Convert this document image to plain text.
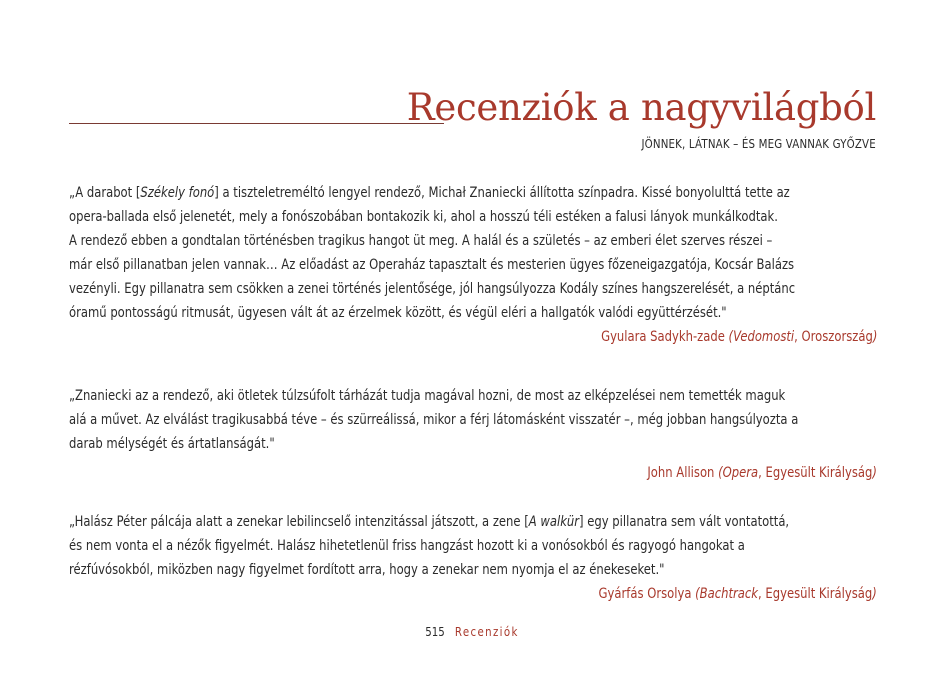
Recenziók a nagyvilágból
JÖNNEK, LÁTNAK – ÉS MEG VANNAK GYŐZVE
„A darabot [Székely fonó] a tiszteletreméltó lengyel rendező, Michał Znaniecki állította színpadra. Kissé bonyolulttá tette az
opera-ballada első jelenetét, mely a fonószobában bontakozik ki, ahol a hosszú téli estéken a falusi lányok munkálkodtak.
A rendező ebben a gondtalan történésben tragikus hangot üt meg. A halál és a születés – az emberi élet szerves részei –
már első pillanatban jelen vannak… Az előadást az Operaház tapasztalt és mesterien ügyes főzeneigazgatója, Kocsár Balázs
vezényli. Egy pillanatra sem csökken a zenei történés jelentősége, jól hangsúlyozza Kodály színes hangszerelését, a néptánc
óramű pontosságú ritmusát, ügyesen vált át az érzelmek között, és végül eléri a hallgatók valódi együttérzését."
Gyulara Sadykh-zade (Vedomosti, Oroszország)
„Znaniecki az a rendező, aki ötletek túlzsúfolt tárházát tudja magával hozni, de most az elképzelései nem temették maguk
alá a művet. Az elválást tragikusabbá téve – és szürreálissá, mikor a férj látomásként visszatér –, még jobban hangsúlyozta a
darab mélységét és ártatlanságát."
John Allison (Opera, Egyesült Királyság)
„Halász Péter pálcája alatt a zenekar lebilincselő intenzitással játszott, a zene [A walkür] egy pillanatra sem vált vontatottá,
és nem vonta el a nézők figyelmét. Halász hihetetlenül friss hangzást hozott ki a vonósokból és ragyogó hangokat a
rézfúvósokból, miközben nagy figyelmet fordított arra, hogy a zenekar nem nyomja el az énekeseket."
Gyárfás Orsolya (Bachtrack, Egyesült Királyság)
515 Recenziók
